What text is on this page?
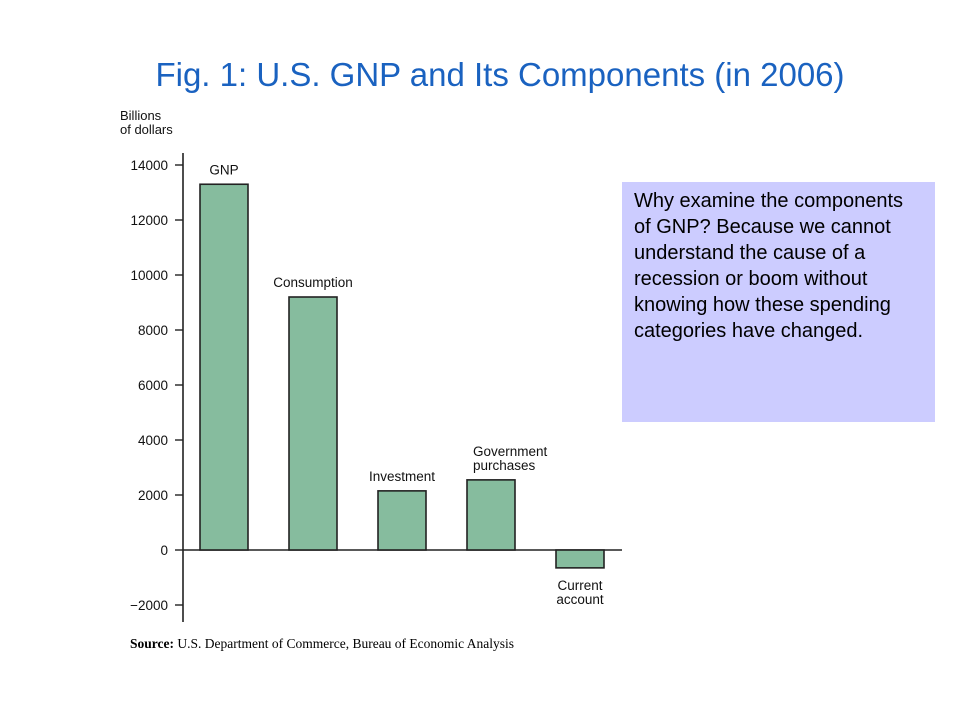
Fig. 1: U.S. GNP and Its Components (in 2006)
Billions
of dollars
−2000
0
2000
4000
6000
8000
10000
12000
14000	GNP
Consumption
Investment
Government
purchases
Current
account
Why examine the components of GNP? Because we cannot understand the cause of a recession or boom without knowing how these spending categories have changed.
Source: U.S. Department of Commerce, Bureau of Economic Analysis
